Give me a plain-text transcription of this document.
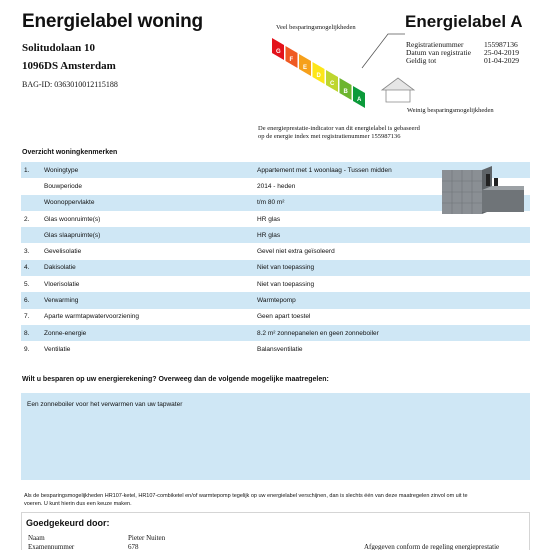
Energielabel woning
Solitudolaan 10
1096DS Amsterdam
BAG-ID: 0363010012115188
Veel besparingsmogelijkheden
G
F
E
D
C
B
A
Weinig besparingsmogelijkheden
Energielabel A
Registratienummer	155987136
Datum van registratie 25-04-2019
Geldig tot	01-04-2029
De energieprestatie-indicator van dit energielabel is gebaseerd
op de energie index met registratienummer 155987136
Overzicht woningkenmerken
1.	Woningtype	Appartement met 1 woonlaag - Tussen midden
Bouwperiode	2014 - heden
Woonoppervlakte	t/m 80 m²
2.	Glas woonruimte(s)	HR glas
Glas slaapruimte(s)	HR glas
3.	Gevelisolatie	Gevel niet extra geïsoleerd
4.	Dakisolatie	Niet van toepassing
5.	Vloerisolatie	Niet van toepassing
6.	Verwarming	Warmtepomp
7.	Aparte warmtapwatervoorziening	Geen apart toestel
8.	Zonne-energie	8.2 m² zonnepanelen en geen zonneboiler
9.	Ventilatie	Balansventilatie
Wilt u besparen op uw energierekening? Overweeg dan de volgende mogelijke maatregelen:
Een zonneboiler voor het verwarmen van uw tapwater
Als de besparingsmogelijkheden HR107-ketel, HR107-combiketel en/of warmtepomp tegelijk op uw energielabel verschijnen, dan is slechts één van deze maatregelen zinvol om uit te
voeren. U kunt hierin dus een keuze maken.
Goedgekeurd door:
Naam	Pieter Nuiten
Examennummer	678	Afgegeven conform de regeling energieprestatie
